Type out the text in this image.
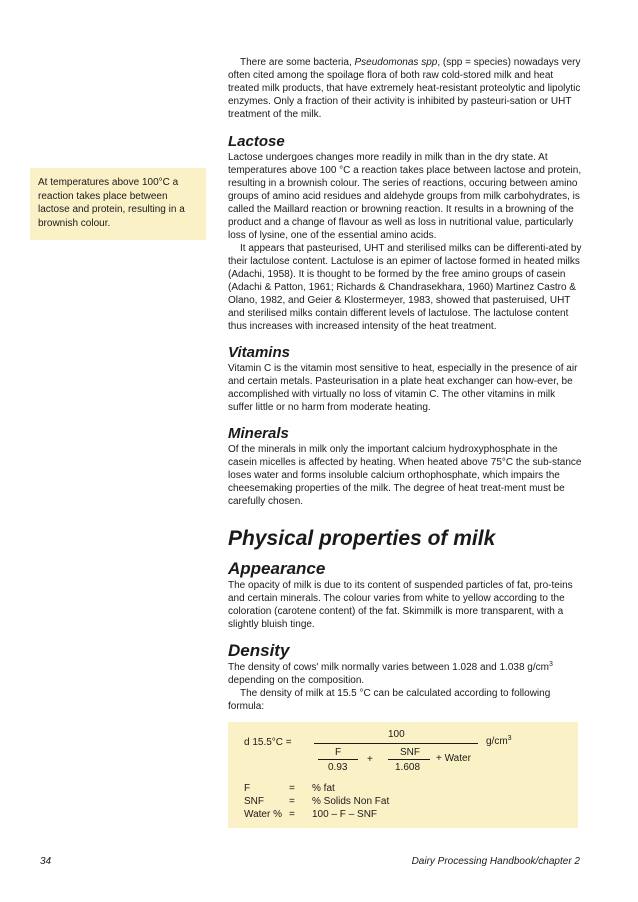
At temperatures above 100°C a reaction takes place between lactose and protein, resulting in a brownish colour.

There are some bacteria, Pseudomonas spp, (spp = species) nowadays very often cited among the spoilage flora of both raw cold-stored milk and heat treated milk products, that have extremely heat-resistant proteolytic and lipolytic enzymes. Only a fraction of their activity is inhibited by pasteuri-sation or UHT treatment of the milk.

Lactose

Lactose undergoes changes more readily in milk than in the dry state. At temperatures above 100 °C a reaction takes place between lactose and protein, resulting in a brownish colour. The series of reactions, occuring between amino groups of amino acid residues and aldehyde groups from milk carbohydrates, is called the Maillard reaction or browning reaction. It results in a browning of the product and a change of flavour as well as loss in nutritional value, particularly loss of lysine, one of the essential amino acids.

It appears that pasteurised, UHT and sterilised milks can be differenti-ated by their lactulose content. Lactulose is an epimer of lactose formed in heated milks (Adachi, 1958). It is thought to be formed by the free amino groups of casein (Adachi & Patton, 1961; Richards & Chandrasekhara, 1960) Martinez Castro & Olano, 1982, and Geier & Klostermeyer, 1983, showed that pasteruised, UHT and sterilised milks contain different levels of lactulose. The lactulose content thus increases with increased intensity of the heat treatment.

Vitamins

Vitamin C is the vitamin most sensitive to heat, especially in the presence of air and certain metals. Pasteurisation in a plate heat exchanger can how-ever, be accomplished with virtually no loss of vitamin C. The other vitamins in milk suffer little or no harm from moderate heating.

Minerals

Of the minerals in milk only the important calcium hydroxyphosphate in the casein micelles is affected by heating. When heated above 75°C the sub-stance loses water and forms insoluble calcium orthophosphate, which impairs the cheesemaking properties of the milk. The degree of heat treat-ment must be carefully chosen.

Physical properties of milk
Appearance

The opacity of milk is due to its content of suspended particles of fat, pro-teins and certain minerals. The colour varies from white to yellow according to the coloration (carotene content) of the fat. Skimmilk is more transparent, with a slightly bluish tinge.

Density

The density of cows' milk normally varies between 1.028 and 1.038 $g/cm^3$ depending on the composition.

The density of milk at 15.5 °C can be calculated according to following formula:

d 15.5°C =
100
$g/cm^3$
F
0.93
+
SNF
1.608
+ Water
F	= % fat
SNF	= % Solids Non Fat
Water % = 100 – F – SNF
34	Dairy Processing Handbook/chapter 2
